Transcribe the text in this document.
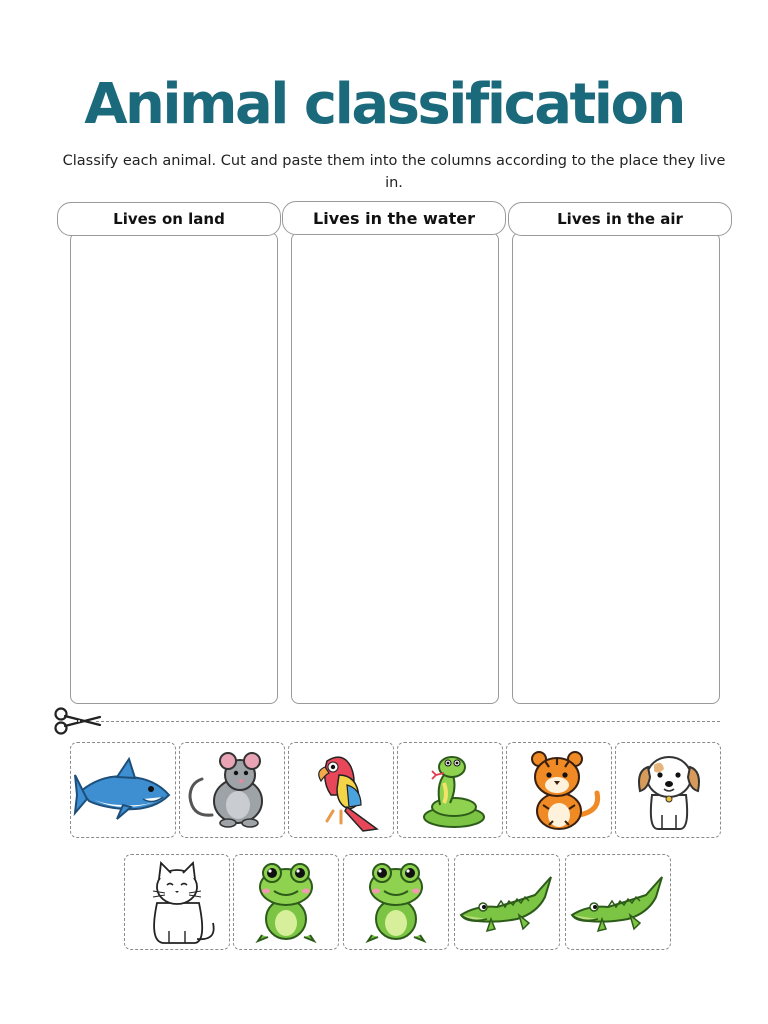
Animal classification
Classify each animal. Cut and paste them into the columns according to the place they live in.
Lives on land	Lives in the water	Lives in the air
